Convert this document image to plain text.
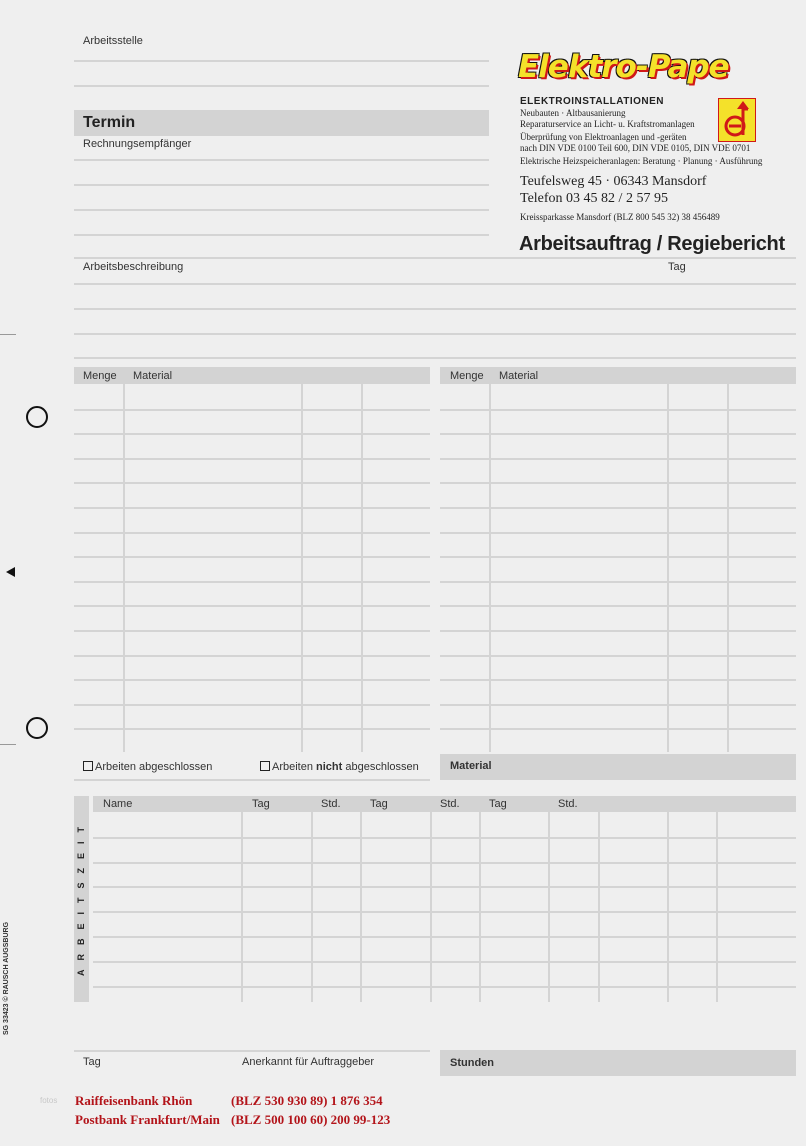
SG 33423 © RAUSCH AUGSBURG
Arbeitsstelle
Termin
Rechnungsempfänger
Elektro-Pape
ELEKTROINSTALLATIONEN
Neubauten · Altbausanierung
Reparaturservice an Licht- u. Kraftstromanlagen
Überprüfung von Elektroanlagen und -geräten
nach DIN VDE 0100 Teil 600, DIN VDE 0105, DIN VDE 0701
Elektrische Heizspeicheranlagen: Beratung · Planung · Ausführung
Teufelsweg 45 · 06343 Mansdorf
Telefon 03 45 82 / 2 57 95
Kreissparkasse Mansdorf (BLZ 800 545 32) 38 456489
Arbeitsauftrag / Regiebericht
Tag
Arbeitsbeschreibung
Menge Material	Menge Material
Arbeiten abgeschlossen	Arbeiten nicht abgeschlossen	Material
ARBEITSZEIT
Name	Tag	Std.	Tag	Std.	Tag	Std.
Tag	Anerkannt für Auftraggeber	Stunden
fotos Raiffeisenbank Rhön	(BLZ 530 930 89) 1 876 354
Postbank Frankfurt/Main (BLZ 500 100 60) 200 99-123
